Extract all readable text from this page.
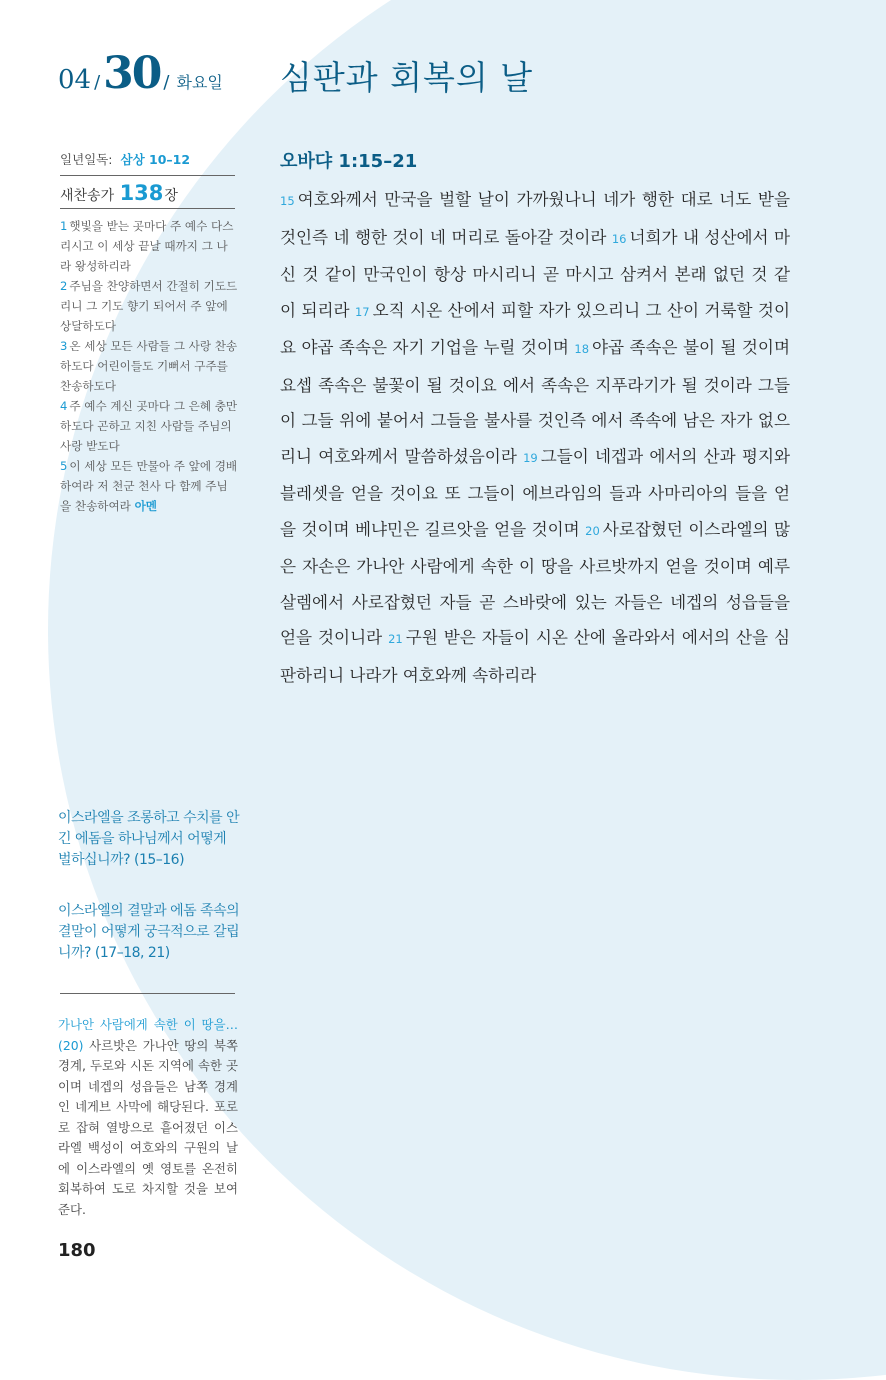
04 / 30 / 화요일 심판과 회복의 날
일년일독: 삼상 10–12
새찬송가 138장
1 햇빛을 받는 곳마다 주 예수 다스리시고 이 세상 끝날 때까지 그 나라 왕성하리라
2 주님을 찬양하면서 간절히 기도드리니 그 기도 향기 되어서 주 앞에 상달하도다
3 온 세상 모든 사람들 그 사랑 찬송하도다 어린이들도 기뻐서 구주를 찬송하도다
4 주 예수 계신 곳마다 그 은혜 충만하도다 곤하고 지친 사람들 주님의 사랑 받도다
5 이 세상 모든 만물아 주 앞에 경배하여라 저 천군 천사 다 함께 주님을 찬송하여라 아멘
이스라엘을 조롱하고 수치를 안긴 에돔을 하나님께서 어떻게 벌하십니까? (15–16)
이스라엘의 결말과 에돔 족속의 결말이 어떻게 궁극적으로 갈립니까? (17–18, 21)
가나안 사람에게 속한 이 땅을…(20) 사르밧은 가나안 땅의 북쪽 경계, 두로와 시돈 지역에 속한 곳이며 네겝의 성읍들은 남쪽 경계인 네게브 사막에 해당된다. 포로로 잡혀 열방으로 흩어졌던 이스라엘 백성이 여호와의 구원의 날에 이스라엘의 옛 영토를 온전히 회복하여 도로 차지할 것을 보여준다.
180
오바댜 1:15–21
15 여호와께서 만국을 벌할 날이 가까웠나니 네가 행한 대로 너도 받을 것인즉 네 행한 것이 네 머리로 돌아갈 것이라 16 너희가 내 성산에서 마신 것 같이 만국인이 항상 마시리니 곧 마시고 삼켜서 본래 없던 것 같이 되리라 17 오직 시온 산에서 피할 자가 있으리니 그 산이 거룩할 것이요 야곱 족속은 자기 기업을 누릴 것이며 18 야곱 족속은 불이 될 것이며 요셉 족속은 불꽃이 될 것이요 에서 족속은 지푸라기가 될 것이라 그들이 그들 위에 붙어서 그들을 불사를 것인즉 에서 족속에 남은 자가 없으리니 여호와께서 말씀하셨음이라 19 그들이 네겝과 에서의 산과 평지와 블레셋을 얻을 것이요 또 그들이 에브라임의 들과 사마리아의 들을 얻을 것이며 베냐민은 길르앗을 얻을 것이며 20 사로잡혔던 이스라엘의 많은 자손은 가나안 사람에게 속한 이 땅을 사르밧까지 얻을 것이며 예루살렘에서 사로잡혔던 자들 곧 스바랏에 있는 자들은 네겝의 성읍들을 얻을 것이니라 21 구원 받은 자들이 시온 산에 올라와서 에서의 산을 심판하리니 나라가 여호와께 속하리라
